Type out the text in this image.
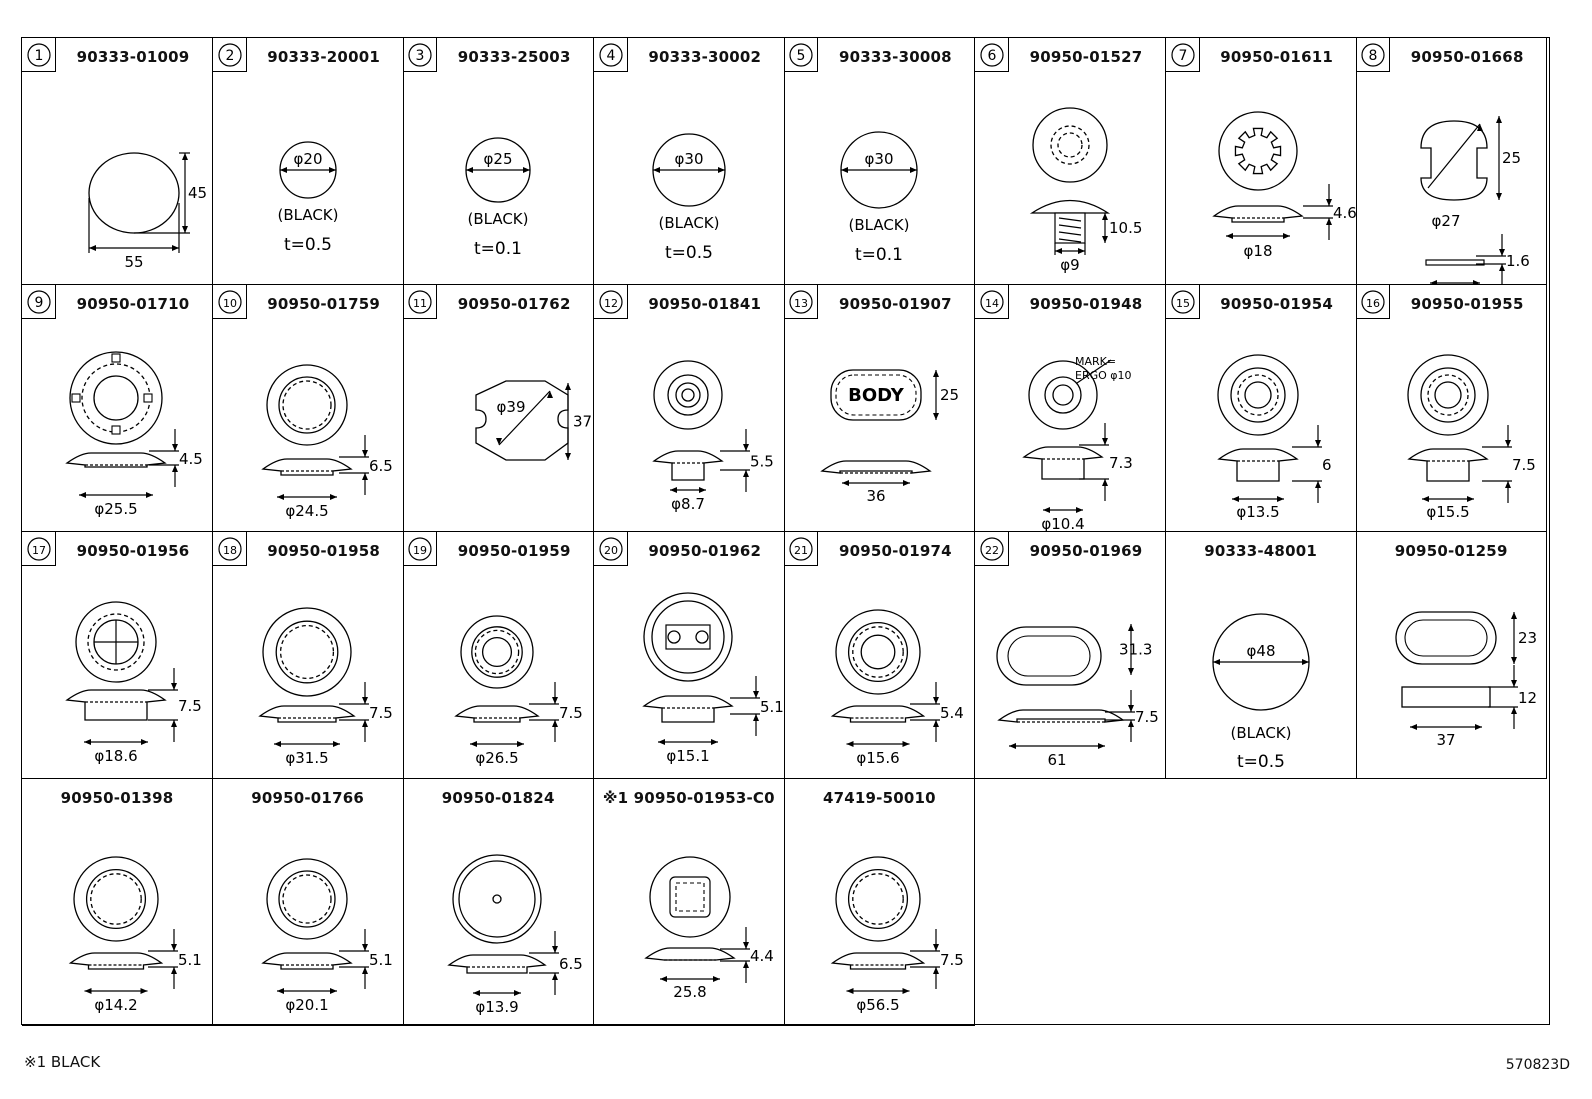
1	90333-01009
45
55
2	90333-20001
φ20
(BLACK)
t=0.5
3	90333-25003
φ25
(BLACK)
t=0.1
4	90333-30002
φ30
(BLACK)
t=0.5
5	90333-30008
φ30
(BLACK)
t=0.1
6	90950-01527
10.5
φ9
7	90950-01611
4.6
φ18
8	90950-01668
φ27
25
1.6
9	90950-01710
4.5
φ25.5
10	90950-01759
6.5
φ24.5
11	90950-01762
φ39
37
12	90950-01841
5.5
φ8.7
13	90950-01907
BODY 25
36
14	90950-01948
MARK=
ERGO φ10
7.3
φ10.4
15	90950-01954
6
φ13.5
16	90950-01955
7.5
φ15.5
17	90950-01956
7.5
φ18.6
18	90950-01958
7.5
φ31.5
19	90950-01959
7.5
φ26.5
20	90950-01962
5.1
φ15.1
21	90950-01974
5.4
φ15.6
22	90950-01969
31.3
7.5
61
90333-48001
φ48
(BLACK)
t=0.5
90950-01259
23
12
37
90950-01398
5.1
φ14.2
90950-01766
5.1
φ20.1
90950-01824
6.5
φ13.9
※1 90950-01953-C0
4.4
25.8
47419-50010
7.5
φ56.5
※1 BLACK	570823D
